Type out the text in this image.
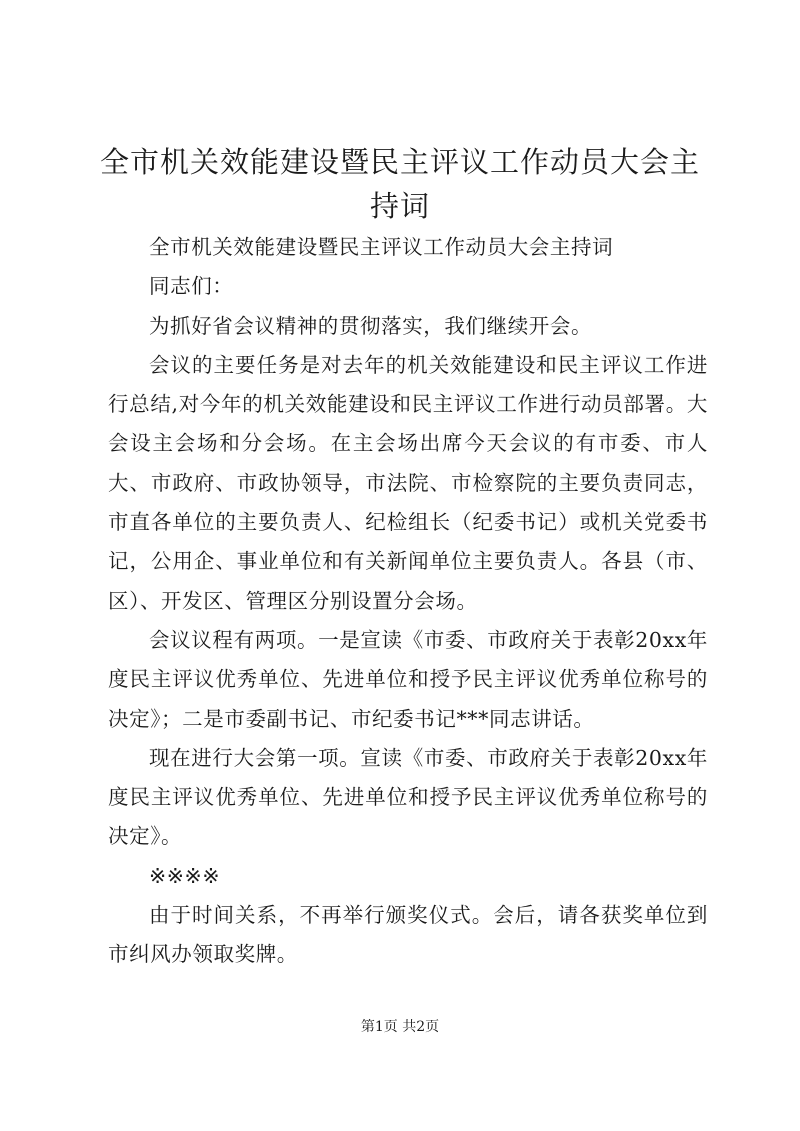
全市机关效能建设暨民主评议工作动员大会主持词

全市机关效能建设暨民主评议工作动员大会主持词

同志们：

为抓好省会议精神的贯彻落实，我们继续开会。

会议的主要任务是对去年的机关效能建设和民主评议工作进行总结,对今年的机关效能建设和民主评议工作进行动员部署。大会设主会场和分会场。在主会场出席今天会议的有市委、市人大、市政府、市政协领导，市法院、市检察院的主要负责同志，市直各单位的主要负责人、纪检组长（纪委书记）或机关党委书记，公用企、事业单位和有关新闻单位主要负责人。各县（市、区）、开发区、管理区分别设置分会场。

会议议程有两项。一是宣读《市委、市政府关于表彰20xx年度民主评议优秀单位、先进单位和授予民主评议优秀单位称号的决定》；二是市委副书记、市纪委书记***同志讲话。

现在进行大会第一项。宣读《市委、市政府关于表彰20xx年度民主评议优秀单位、先进单位和授予民主评议优秀单位称号的决定》。

※※※※

由于时间关系，不再举行颁奖仪式。会后，请各获奖单位到市纠风办领取奖牌。

第1页 共2页
